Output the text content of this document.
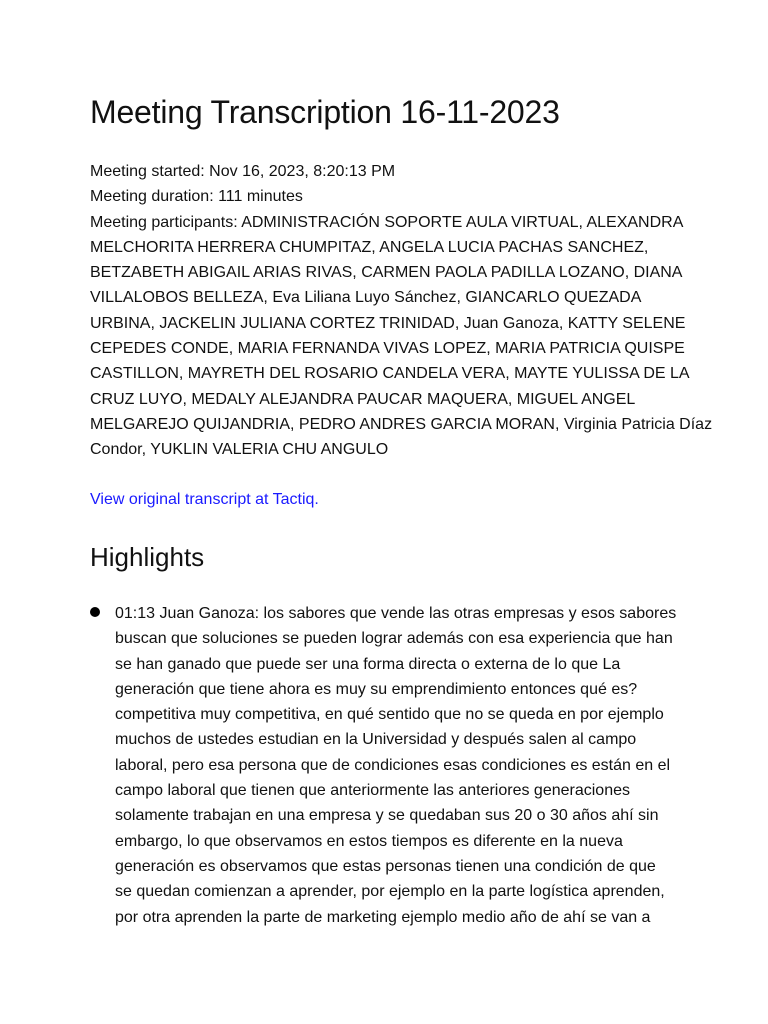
Meeting Transcription 16-11-2023
Meeting started: Nov 16, 2023, 8:20:13 PM
Meeting duration: 111 minutes
Meeting participants: ADMINISTRACIÓN SOPORTE AULA VIRTUAL, ALEXANDRA
MELCHORITA HERRERA CHUMPITAZ, ANGELA LUCIA PACHAS SANCHEZ,
BETZABETH ABIGAIL ARIAS RIVAS, CARMEN PAOLA PADILLA LOZANO, DIANA
VILLALOBOS BELLEZA, Eva Liliana Luyo Sánchez, GIANCARLO QUEZADA
URBINA, JACKELIN JULIANA CORTEZ TRINIDAD, Juan Ganoza, KATTY SELENE
CEPEDES CONDE, MARIA FERNANDA VIVAS LOPEZ, MARIA PATRICIA QUISPE
CASTILLON, MAYRETH DEL ROSARIO CANDELA VERA, MAYTE YULISSA DE LA
CRUZ LUYO, MEDALY ALEJANDRA PAUCAR MAQUERA, MIGUEL ANGEL
MELGAREJO QUIJANDRIA, PEDRO ANDRES GARCIA MORAN, Virginia Patricia Díaz
Condor, YUKLIN VALERIA CHU ANGULO
View original transcript at Tactiq.
Highlights
01:13 Juan Ganoza: los sabores que vende las otras empresas y esos sabores
buscan que soluciones se pueden lograr además con esa experiencia que han
se han ganado que puede ser una forma directa o externa de lo que La
generación que tiene ahora es muy su emprendimiento entonces qué es?
competitiva muy competitiva, en qué sentido que no se queda en por ejemplo
muchos de ustedes estudian en la Universidad y después salen al campo
laboral, pero esa persona que de condiciones esas condiciones es están en el
campo laboral que tienen que anteriormente las anteriores generaciones
solamente trabajan en una empresa y se quedaban sus 20 o 30 años ahí sin
embargo, lo que observamos en estos tiempos es diferente en la nueva
generación es observamos que estas personas tienen una condición de que
se quedan comienzan a aprender, por ejemplo en la parte logística aprenden,
por otra aprenden la parte de marketing ejemplo medio año de ahí se van a
